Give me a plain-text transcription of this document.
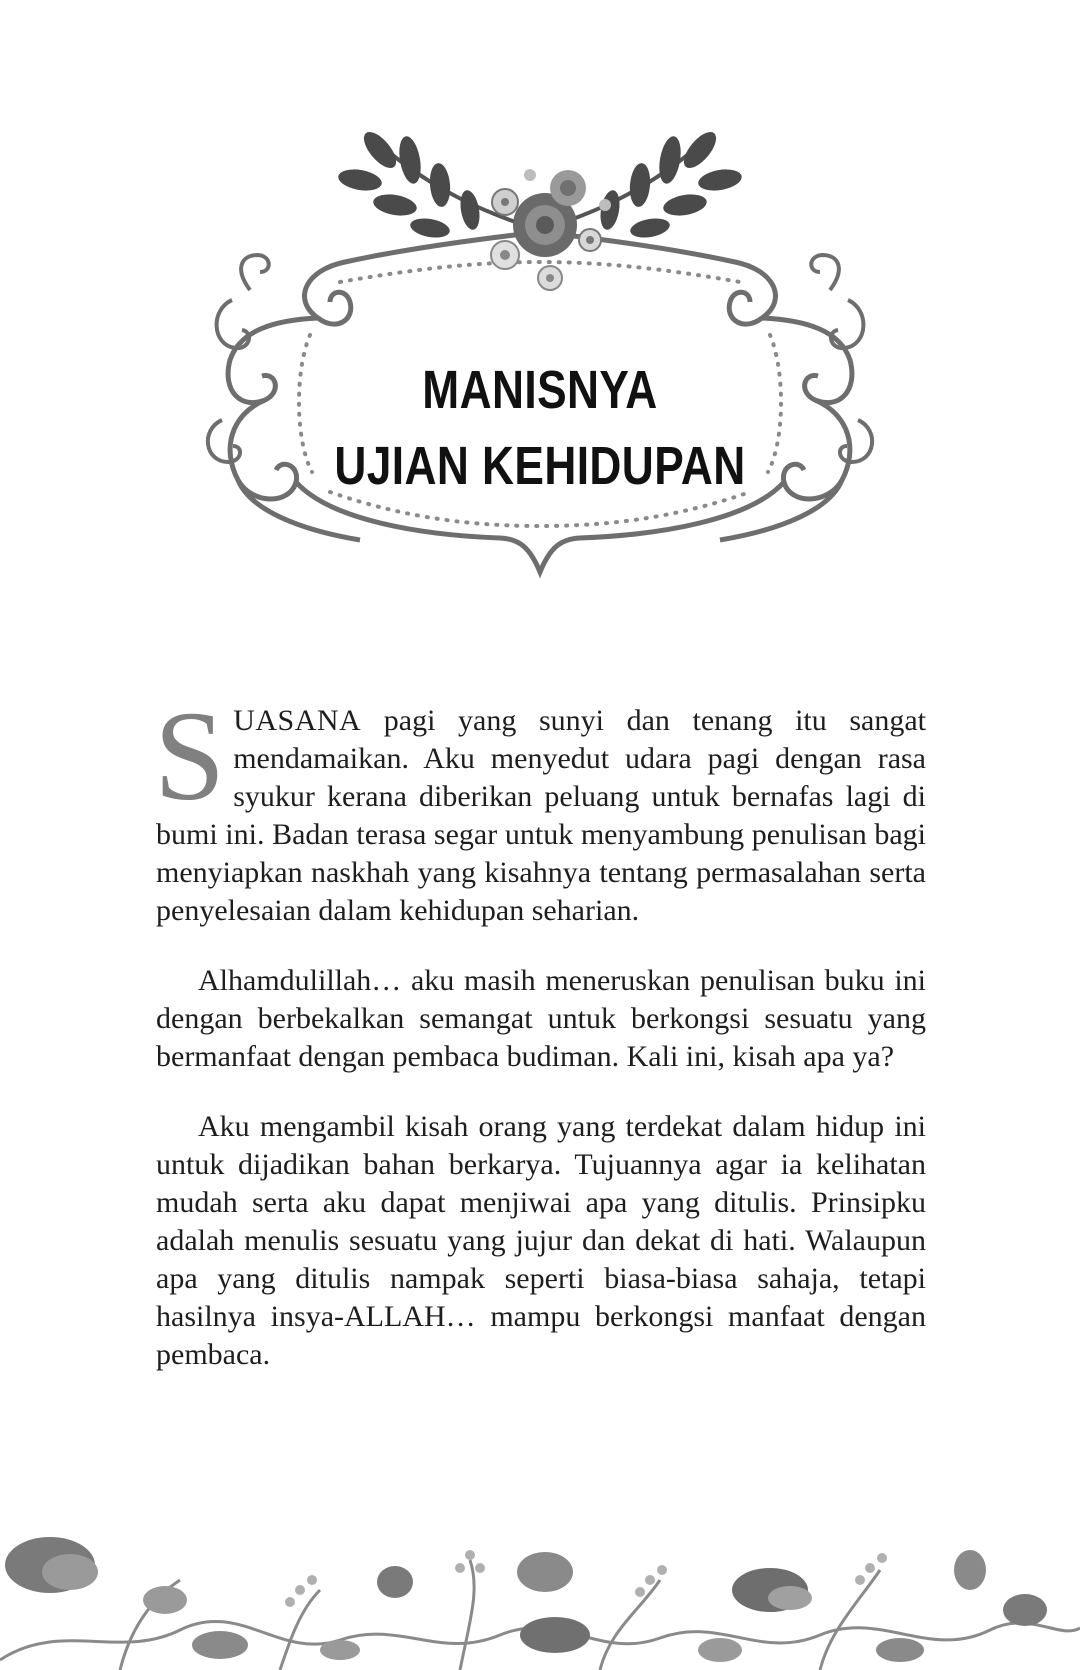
MANISNYA
UJIAN KEHIDUPAN

SUASANA pagi yang sunyi dan tenang itu sangat mendamaikan. Aku menyedut udara pagi dengan rasa syukur kerana diberikan peluang untuk bernafas lagi di bumi ini. Badan terasa segar untuk menyambung penulisan bagi menyiapkan naskhah yang kisahnya tentang permasalahan serta penyelesaian dalam kehidupan seharian.

Alhamdulillah… aku masih meneruskan penulisan buku ini dengan berbekalkan semangat untuk berkongsi sesuatu yang bermanfaat dengan pembaca budiman. Kali ini, kisah apa ya?

Aku mengambil kisah orang yang terdekat dalam hidup ini untuk dijadikan bahan berkarya. Tujuannya agar ia kelihatan mudah serta aku dapat menjiwai apa yang ditulis. Prinsipku adalah menulis sesuatu yang jujur dan dekat di hati. Walaupun apa yang ditulis nampak seperti biasa-biasa sahaja, tetapi hasilnya insya-ALLAH… mampu berkongsi manfaat dengan pembaca.
